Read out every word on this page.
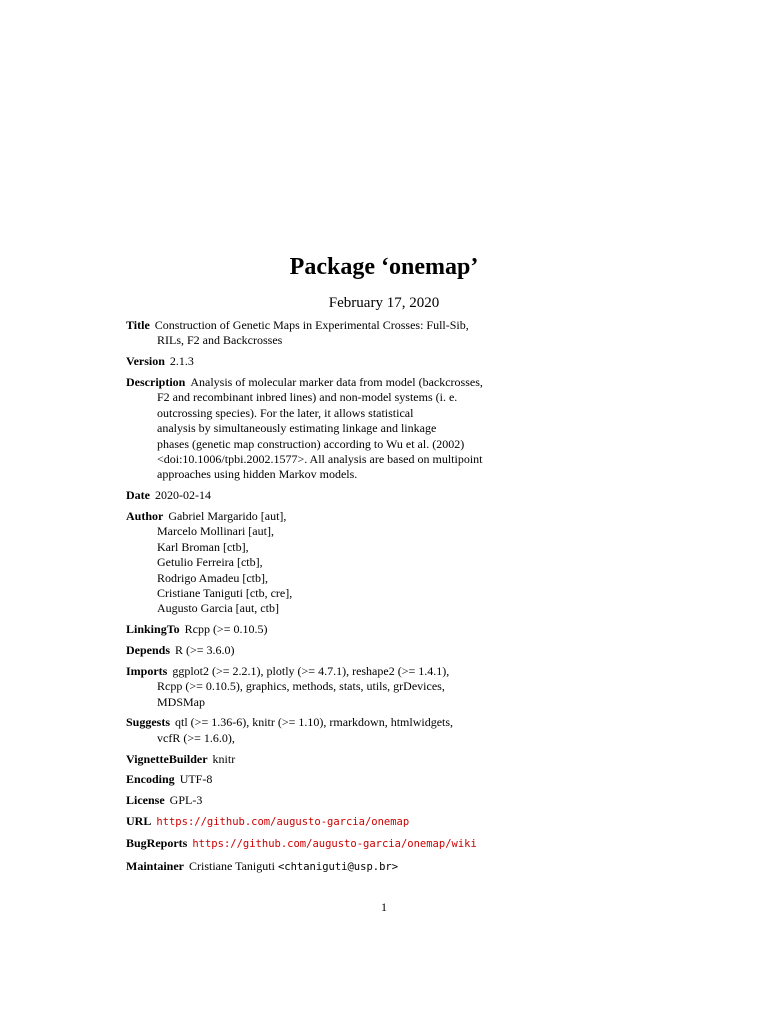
Package ‘onemap’
February 17, 2020
Title Construction of Genetic Maps in Experimental Crosses: Full-Sib,
RILs, F2 and Backcrosses
Version 2.1.3
Description Analysis of molecular marker data from model (backcrosses,
F2 and recombinant inbred lines) and non-model systems (i. e.
outcrossing species). For the later, it allows statistical
analysis by simultaneously estimating linkage and linkage
phases (genetic map construction) according to Wu et al. (2002)
<doi:10.1006/tpbi.2002.1577>. All analysis are based on multipoint
approaches using hidden Markov models.
Date 2020-02-14
Author Gabriel Margarido [aut],
Marcelo Mollinari [aut],
Karl Broman [ctb],
Getulio Ferreira [ctb],
Rodrigo Amadeu [ctb],
Cristiane Taniguti [ctb, cre],
Augusto Garcia [aut, ctb]
LinkingTo Rcpp (>= 0.10.5)
Depends R (>= 3.6.0)
Imports ggplot2 (>= 2.2.1), plotly (>= 4.7.1), reshape2 (>= 1.4.1),
Rcpp (>= 0.10.5), graphics, methods, stats, utils, grDevices,
MDSMap
Suggests qtl (>= 1.36-6), knitr (>= 1.10), rmarkdown, htmlwidgets,
vcfR (>= 1.6.0),
VignetteBuilder knitr
Encoding UTF-8
License GPL-3
URL https://github.com/augusto-garcia/onemap
BugReports https://github.com/augusto-garcia/onemap/wiki
Maintainer Cristiane Taniguti <chtaniguti@usp.br>
1
